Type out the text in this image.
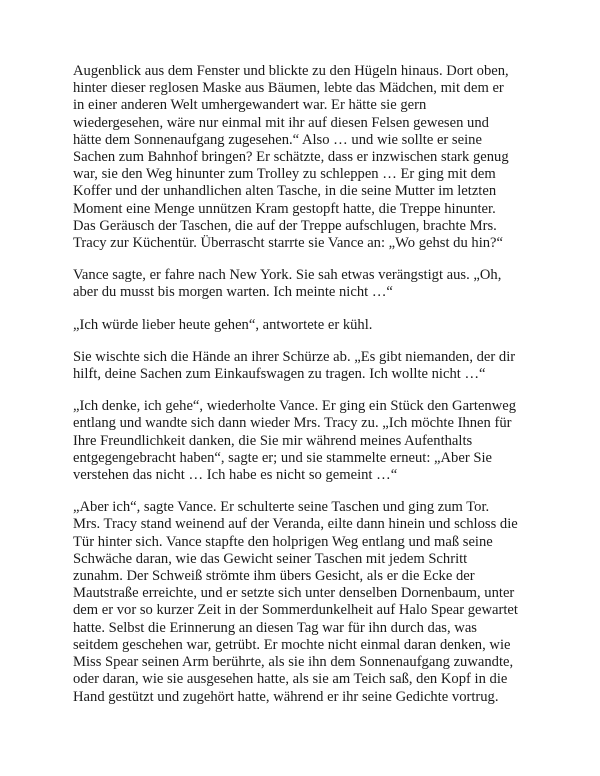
Augenblick aus dem Fenster und blickte zu den Hügeln hinaus. Dort oben,
hinter dieser reglosen Maske aus Bäumen, lebte das Mädchen, mit dem er
in einer anderen Welt umhergewandert war. Er hätte sie gern
wiedergesehen, wäre nur einmal mit ihr auf diesen Felsen gewesen und
hätte dem Sonnenaufgang zugesehen.“ Also … und wie sollte er seine
Sachen zum Bahnhof bringen? Er schätzte, dass er inzwischen stark genug
war, sie den Weg hinunter zum Trolley zu schleppen … Er ging mit dem
Koffer und der unhandlichen alten Tasche, in die seine Mutter im letzten
Moment eine Menge unnützen Kram gestopft hatte, die Treppe hinunter.
Das Geräusch der Taschen, die auf der Treppe aufschlugen, brachte Mrs.
Tracy zur Küchentür. Überrascht starrte sie Vance an: „Wo gehst du hin?“

Vance sagte, er fahre nach New York. Sie sah etwas verängstigt aus. „Oh,
aber du musst bis morgen warten. Ich meinte nicht …“

„Ich würde lieber heute gehen“, antwortete er kühl.

Sie wischte sich die Hände an ihrer Schürze ab. „Es gibt niemanden, der dir
hilft, deine Sachen zum Einkaufswagen zu tragen. Ich wollte nicht …“

„Ich denke, ich gehe“, wiederholte Vance. Er ging ein Stück den Gartenweg
entlang und wandte sich dann wieder Mrs. Tracy zu. „Ich möchte Ihnen für
Ihre Freundlichkeit danken, die Sie mir während meines Aufenthalts
entgegengebracht haben“, sagte er; und sie stammelte erneut: „Aber Sie
verstehen das nicht … Ich habe es nicht so gemeint …“

„Aber ich“, sagte Vance. Er schulterte seine Taschen und ging zum Tor.
Mrs. Tracy stand weinend auf der Veranda, eilte dann hinein und schloss die
Tür hinter sich. Vance stapfte den holprigen Weg entlang und maß seine
Schwäche daran, wie das Gewicht seiner Taschen mit jedem Schritt
zunahm. Der Schweiß strömte ihm übers Gesicht, als er die Ecke der
Mautstraße erreichte, und er setzte sich unter denselben Dornenbaum, unter
dem er vor so kurzer Zeit in der Sommerdunkelheit auf Halo Spear gewartet
hatte. Selbst die Erinnerung an diesen Tag war für ihn durch das, was
seitdem geschehen war, getrübt. Er mochte nicht einmal daran denken, wie
Miss Spear seinen Arm berührte, als sie ihn dem Sonnenaufgang zuwandte,
oder daran, wie sie ausgesehen hatte, als sie am Teich saß, den Kopf in die
Hand gestützt und zugehört hatte, während er ihr seine Gedichte vortrug.
